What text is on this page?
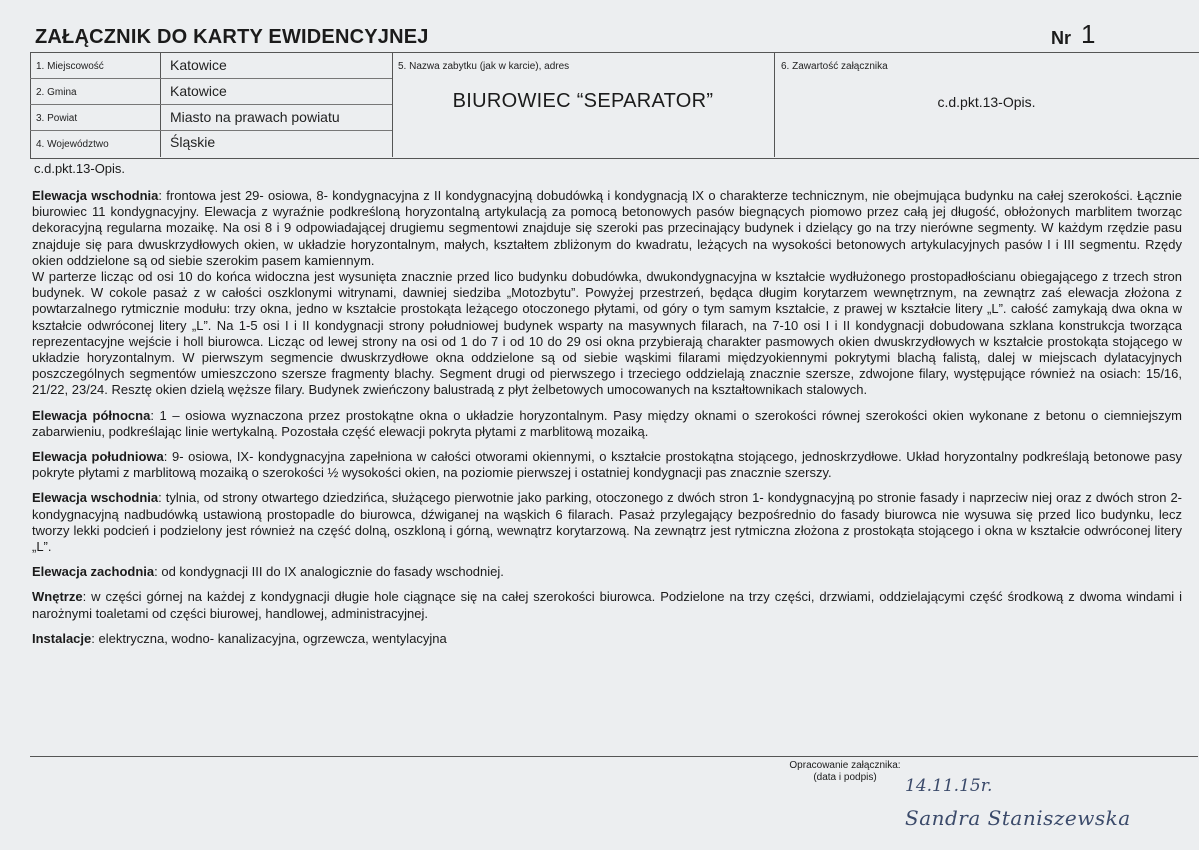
ZAŁĄCZNIK DO KARTY EWIDENCYJNEJ	Nr 1
1. Miejscowość	Katowice
2. Gmina	Katowice
3. Powiat	Miasto na prawach powiatu
4. Województwo	Śląskie
5. Nazwa zabytku (jak w karcie), adres
BIUROWIEC “SEPARATOR”
6. Zawartość załącznika
c.d.pkt.13-Opis.
c.d.pkt.13-Opis.

Elewacja wschodnia: frontowa jest 29- osiowa, 8- kondygnacyjna z II kondygnacyjną dobudówką i kondygnacją IX o charakterze technicznym, nie obejmująca budynku na całej szerokości. Łącznie biurowiec 11 kondygnacyjny. Elewacja z wyraźnie podkreśloną horyzontalną artykulacją za pomocą betonowych pasów biegnących piomowo przez całą jej długość, obłożonych marblitem tworząc dekoracyjną regularna mozaikę. Na osi 8 i 9 odpowiadającej drugiemu segmentowi znajduje się szeroki pas przecinający budynek i dzielący go na trzy nierówne segmenty. W każdym rzędzie pasu znajduje się para dwuskrzydłowych okien, w układzie horyzontalnym, małych, kształtem zbliżonym do kwadratu, leżących na wysokości betonowych artykulacyjnych pasów I i III segmentu. Rzędy okien oddzielone są od siebie szerokim pasem kamiennym.

W parterze licząc od osi 10 do końca widoczna jest wysunięta znacznie przed lico budynku dobudówka, dwukondygnacyjna w kształcie wydłużonego prostopadłościanu obiegającego z trzech stron budynek. W cokole pasaż z w całości oszklonymi witrynami, dawniej siedziba „Motozbytu”. Powyżej przestrzeń, będąca długim korytarzem wewnętrznym, na zewnątrz zaś elewacja złożona z powtarzalnego rytmicznie modułu: trzy okna, jedno w kształcie prostokąta leżącego otoczonego płytami, od góry o tym samym kształcie, z prawej w kształcie litery „L”. całość zamykają dwa okna w kształcie odwróconej litery „L”. Na 1-5 osi I i II kondygnacji strony południowej budynek wsparty na masywnych filarach, na 7-10 osi I i II kondygnacji dobudowana szklana konstrukcja tworząca reprezentacyjne wejście i holl biurowca. Licząc od lewej strony na osi od 1 do 7 i od 10 do 29 osi okna przybierają charakter pasmowych okien dwuskrzydłowych w kształcie prostokąta stojącego w układzie horyzontalnym. W pierwszym segmencie dwuskrzydłowe okna oddzielone są od siebie wąskimi filarami międzyokiennymi pokrytymi blachą falistą, dalej w miejscach dylatacyjnych poszczególnych segmentów umieszczono szersze fragmenty blachy. Segment drugi od pierwszego i trzeciego oddzielają znacznie szersze, zdwojone filary, występujące również na osiach: 15/16, 21/22, 23/24. Resztę okien dzielą węższe filary. Budynek zwieńczony balustradą z płyt żelbetowych umocowanych na kształtownikach stalowych.

Elewacja północna: 1 – osiowa wyznaczona przez prostokątne okna o układzie horyzontalnym. Pasy między oknami o szerokości równej szerokości okien wykonane z betonu o ciemniejszym zabarwieniu, podkreślając linie wertykalną. Pozostała część elewacji pokryta płytami z marblitową mozaiką.

Elewacja południowa: 9- osiowa, IX- kondygnacyjna zapełniona w całości otworami okiennymi, o kształcie prostokątna stojącego, jednoskrzydłowe. Układ horyzontalny podkreślają betonowe pasy pokryte płytami z marblitową mozaiką o szerokości ½ wysokości okien, na poziomie pierwszej i ostatniej kondygnacji pas znacznie szerszy.

Elewacja wschodnia: tylnia, od strony otwartego dziedzińca, służącego pierwotnie jako parking, otoczonego z dwóch stron 1- kondygnacyjną po stronie fasady i naprzeciw niej oraz z dwóch stron 2- kondygnacyjną nadbudówką ustawioną prostopadle do biurowca, dźwiganej na wąskich 6 filarach. Pasaż przylegający bezpośrednio do fasady biurowca nie wysuwa się przed lico budynku, lecz tworzy lekki podcień i podzielony jest również na część dolną, oszkloną i górną, wewnątrz korytarzową. Na zewnątrz jest rytmiczna złożona z prostokąta stojącego i okna w kształcie odwróconej litery „L”.

Elewacja zachodnia: od kondygnacji III do IX analogicznie do fasady wschodniej.

Wnętrze: w części górnej na każdej z kondygnacji długie hole ciągnące się na całej szerokości biurowca. Podzielone na trzy części, drzwiami, oddzielającymi część środkową z dwoma windami i narożnymi toaletami od części biurowej, handlowej, administracyjnej.

Instalacje: elektryczna, wodno- kanalizacyjna, ogrzewcza, wentylacyjna

Opracowanie załącznika:
(data i podpis)	14.11.15r.
Sandra Staniszewska
